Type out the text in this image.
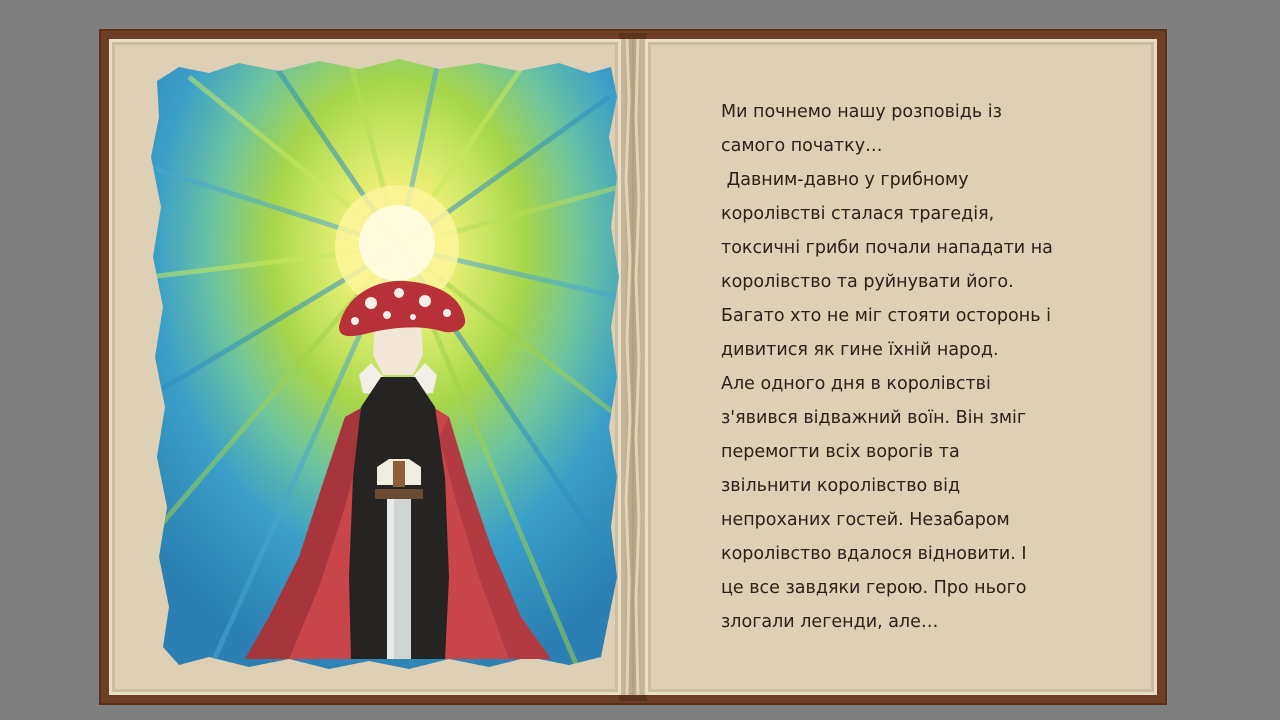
Ми почнемо нашу розповідь із
самого початку…
Давним-давно у грибному
королівстві сталася трагедія,
токсичні гриби почали нападати на
королівство та руйнувати його.
Багато хто не міг стояти осторонь і
дивитися як гине їхній народ.
Але одного дня в королівстві
з'явився відважний воїн. Він зміг
перемогти всіх ворогів та
звільнити королівство від
непроханих гостей. Незабаром
королівство вдалося відновити. І
це все завдяки герою. Про нього
злогали легенди, але…
